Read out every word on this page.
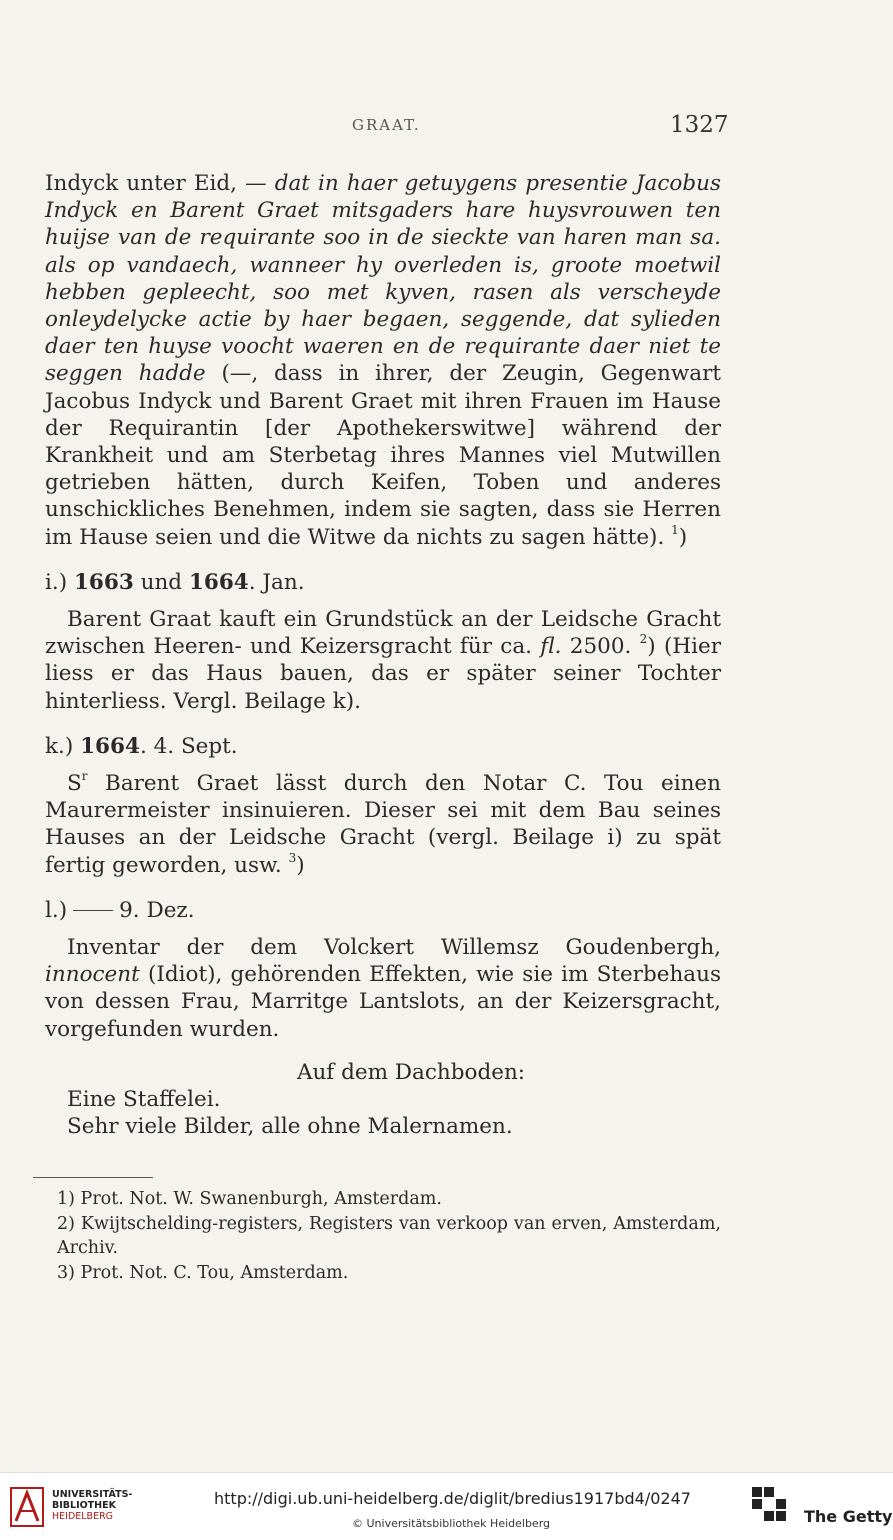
GRAAT.	1327

Indyck unter Eid, — dat in haer getuygens presentie Jacobus Indyck en Barent Graet mitsgaders hare huysvrouwen ten huijse van de requirante soo in de sieckte van haren man sa. als op vandaech, wanneer hy overleden is, groote moetwil hebben gepleecht, soo met kyven, rasen als verscheyde onleydelycke actie by haer begaen, seggende, dat sylieden daer ten huyse voocht waeren en de requirante daer niet te seggen hadde (—, dass in ihrer, der Zeugin, Gegenwart Jacobus Indyck und Barent Graet mit ihren Frauen im Hause der Requirantin [der Apothekerswitwe] während der Krankheit und am Sterbetag ihres Mannes viel Mutwillen getrieben hätten, durch Keifen, Toben und anderes unschickliches Benehmen, indem sie sagten, dass sie Herren im Hause seien und die Witwe da nichts zu sagen hätte). $^1$)

i.) 1663 und 1664. Jan.

Barent Graat kauft ein Grundstück an der Leidsche Gracht zwischen Heeren- und Keizersgracht für ca. fl. 2500. $^2$) (Hier liess er das Haus bauen, das er später seiner Tochter hinterliess. Vergl. Beilage k).

k.) 1664. 4. Sept.

$S^r$ Barent Graet lässt durch den Notar C. Tou einen Maurermeister insinuieren. Dieser sei mit dem Bau seines Hauses an der Leidsche Gracht (vergl. Beilage i) zu spät fertig geworden, usw. $^3$)

l.) 9. Dez.

Inventar der dem Volckert Willemsz Goudenbergh, innocent (Idiot), gehörenden Effekten, wie sie im Sterbehaus von dessen Frau, Marritge Lantslots, an der Keizersgracht, vorgefunden wurden.

Auf dem Dachboden:

Eine Staffelei.

Sehr viele Bilder, alle ohne Malernamen.

1) Prot. Not. W. Swanenburgh, Amsterdam.

2) Kwijtschelding-registers, Registers van verkoop van erven, Amsterdam, Archiv.

3) Prot. Not. C. Tou, Amsterdam.

UNIVERSITÄTS-
BIBLIOTHEK
HEIDELBERG
http://digi.ub.uni-heidelberg.de/diglit/bredius1917bd4/0247
© Universitätsbibliothek Heidelberg	The Getty
